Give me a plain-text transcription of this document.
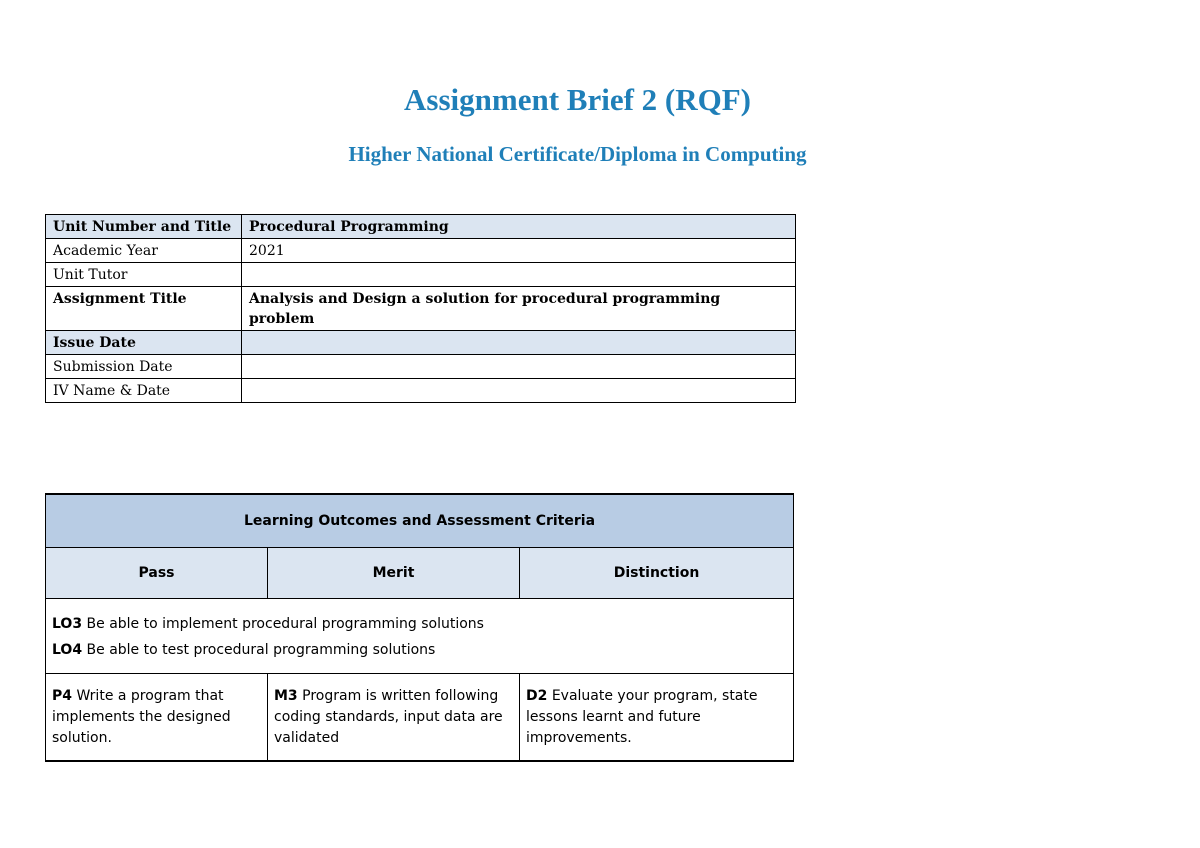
Assignment Brief 2 (RQF)
Higher National Certificate/Diploma in Computing
Unit Number and Title	Procedural Programming
Academic Year	2021
Unit Tutor	
Assignment Title	Analysis and Design a solution for procedural programming problem
Issue Date	
Submission Date	
IV Name & Date	
Learning Outcomes and Assessment Criteria		
Pass	Merit	Distinction

LO3 Be able to implement procedural programming solutions
LO4 Be able to test procedural programming solutions		

P4 Write a program that implements the designed solution.	M3 Program is written following coding standards, input data are validated	D2 Evaluate your program, state lessons learnt and future improvements.
